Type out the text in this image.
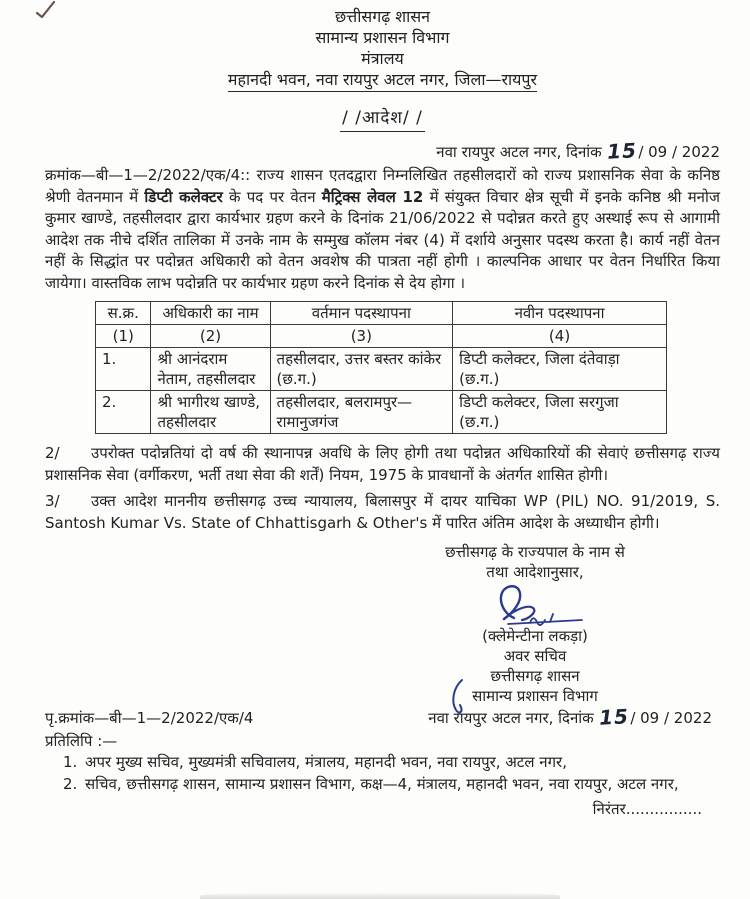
छत्तीसगढ़ शासन
सामान्य प्रशासन विभाग
मंत्रालय
महानदी भवन, नवा रायपुर अटल नगर, जिला—रायपुर
/ /आदेश/ /
नवा रायपुर अटल नगर, दिनांक 15/ 09 / 2022

क्रमांक—बी—1—2/2022/एक/4:: राज्य शासन एतदद्वारा निम्नलिखित तहसीलदारों को राज्य प्रशासनिक सेवा के कनिष्ठ श्रेणी वेतनमान में डिप्टी कलेक्टर के पद पर वेतन मैट्रिक्स लेवल 12 में संयुक्त विचार क्षेत्र सूची में इनके कनिष्ठ श्री मनोज कुमार खाण्डे, तहसीलदार द्वारा कार्यभार ग्रहण करने के दिनांक 21/06/2022 से पदोन्नत करते हुए अस्थाई रूप से आगामी आदेश तक नीचे दर्शित तालिका में उनके नाम के सम्मुख कॉलम नंबर (4) में दर्शाये अनुसार पदस्थ करता है। कार्य नहीं वेतन नहीं के सिद्धांत पर पदोन्नत अधिकारी को वेतन अवशेष की पात्रता नहीं होगी । काल्पनिक आधार पर वेतन निर्धारित किया जायेगा। वास्तविक लाभ पदोन्नति पर कार्यभार ग्रहण करने दिनांक से देय होगा ।

स.क्र.	अधिकारी का नाम	वर्तमान पदस्थापना	नवीन पदस्थापना
(1)	(2)	(3)	(4)
1.	श्री आनंदराम नेताम, तहसीलदार	तहसीलदार, उत्तर बस्तर कांकेर (छ.ग.)	डिप्टी कलेक्टर, जिला दंतेवाड़ा (छ.ग.)
2.	श्री भागीरथ खाण्डे, तहसीलदार	तहसीलदार, बलरामपुर—रामानुजगंज	डिप्टी कलेक्टर, जिला सरगुजा (छ.ग.)

2/ उपरोक्त पदोन्नतियां दो वर्ष की स्थानापन्न अवधि के लिए होगी तथा पदोन्नत अधिकारियों की सेवाएं छत्तीसगढ़ राज्य प्रशासनिक सेवा (वर्गीकरण, भर्ती तथा सेवा की शर्तें) नियम, 1975 के प्रावधानों के अंतर्गत शासित होगी।

3/ उक्त आदेश माननीय छत्तीसगढ़ उच्च न्यायालय, बिलासपुर में दायर याचिका WP (PIL) NO. 91/2019, S. Santosh Kumar Vs. State of Chhattisgarh & Other's में पारित अंतिम आदेश के अध्याधीन होगी।

छत्तीसगढ़ के राज्यपाल के नाम से
तथा आदेशानुसार,
(क्लेमेन्टीना लकड़ा)
अवर सचिव
छत्तीसगढ़ शासन
सामान्य प्रशासन विभाग
पृ.क्रमांक—बी—1—2/2022/एक/4	नवा रायपुर अटल नगर, दिनांक 15/ 09 / 2022
प्रतिलिपि :—
1. अपर मुख्य सचिव, मुख्यमंत्री सचिवालय, मंत्रालय, महानदी भवन, नवा रायपुर, अटल नगर,
2. सचिव, छत्तीसगढ़ शासन, सामान्य प्रशासन विभाग, कक्ष—4, मंत्रालय, महानदी भवन, नवा रायपुर, अटल नगर,
निरंतर................
